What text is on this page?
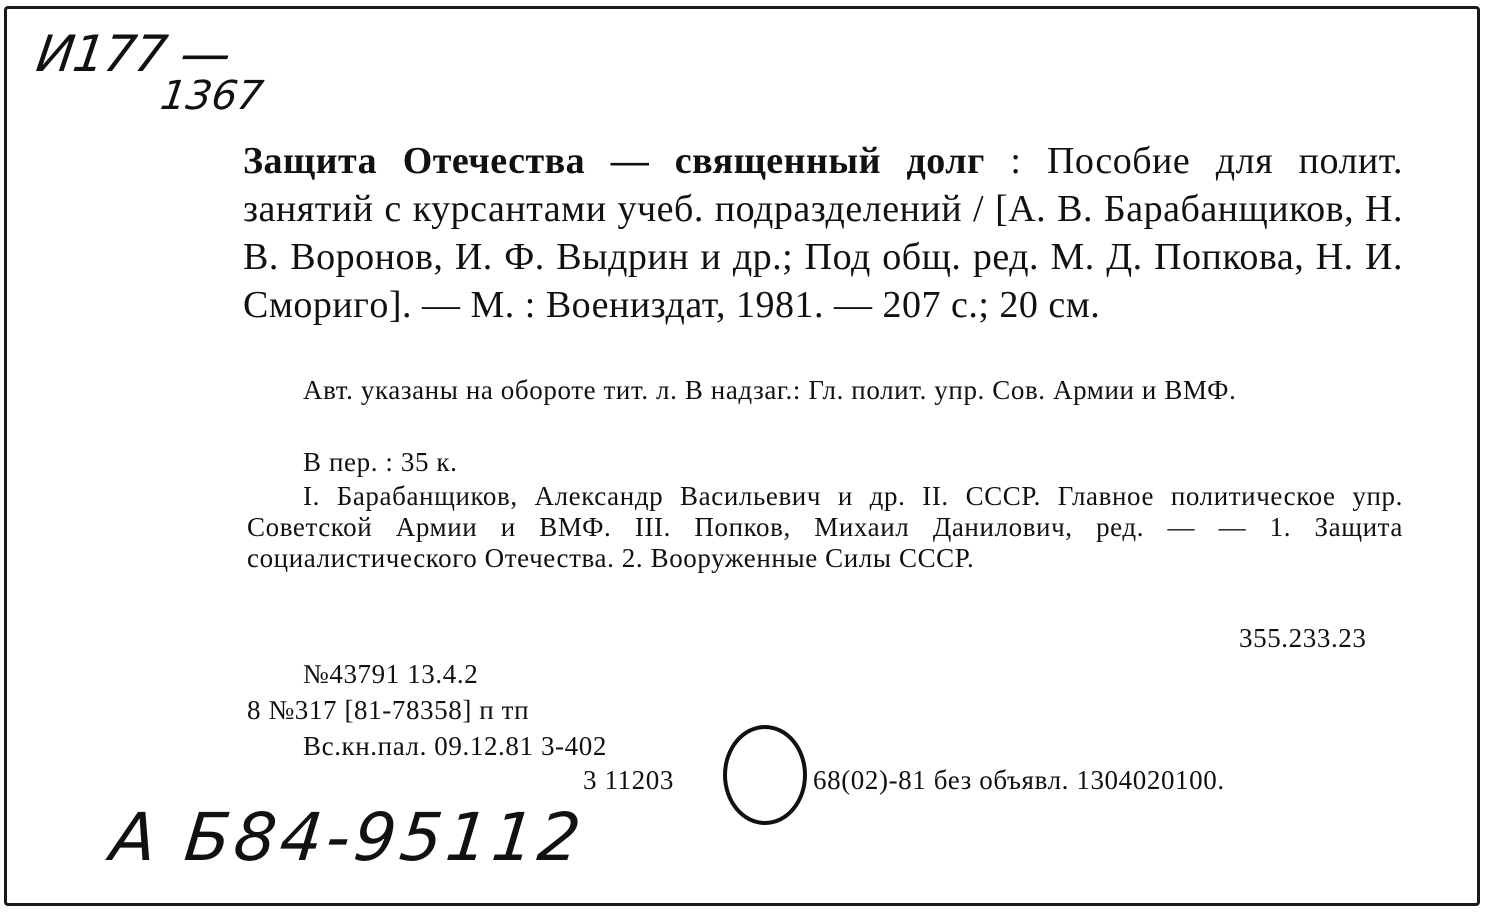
И177 —
1367
Защита Отечества — священный долг : Пособие для полит. занятий с курсантами учеб. подразделений / [А. В. Барабанщиков, Н. В. Воронов, И. Ф. Выдрин и др.; Под общ. ред. М. Д. Попкова, Н. И. Сморигo]. — М. : Воениздат, 1981. — 207 с.; 20 см.
Авт. указаны на обороте тит. л. В надзаг.: Гл. полит. упр. Сов. Армии и ВМФ.
В пер. : 35 к.
I. Барабанщиков, Александр Васильевич и др. II. СССР. Главное политическое упр. Советской Армии и ВМФ. III. Попков, Михаил Данилович, ред. — — 1. Защита социалистического Отечества. 2. Вооруженные Силы СССР.
355.233.23
№43791 13.4.2
8 №317 [81-78358] п тп
Вс.кн.пал. 09.12.81 3-402
3 11203	68(02)-81 без объявл. 1304020100.
А Б84-95112
